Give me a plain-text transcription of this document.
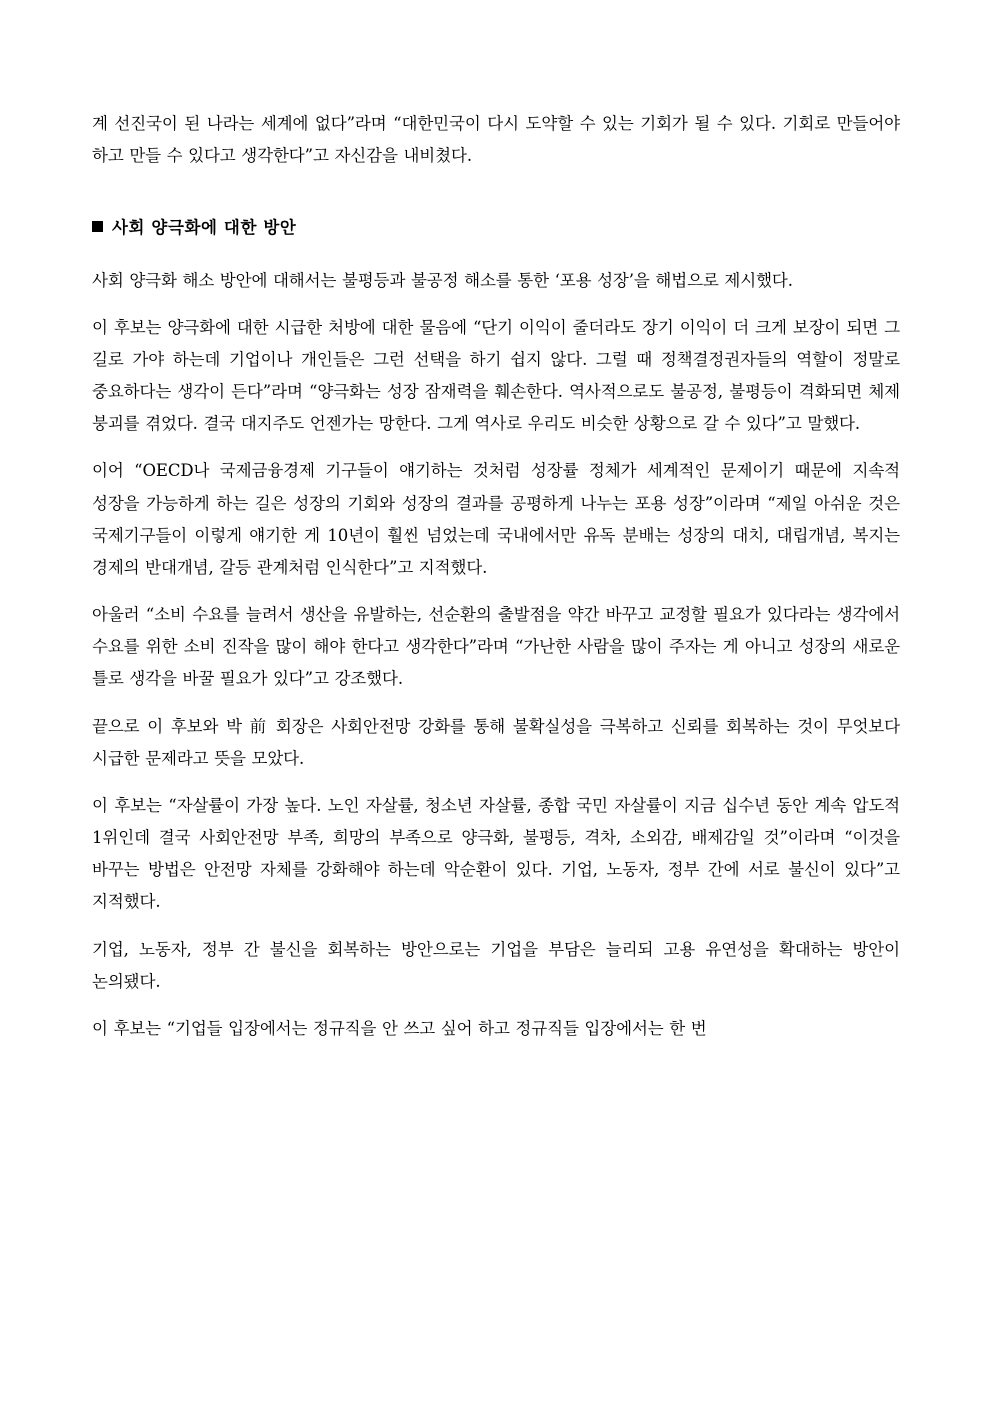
계 선진국이 된 나라는 세계에 없다”라며 “대한민국이 다시 도약할 수 있는 기회가 될 수 있다. 기회로 만들어야 하고 만들 수 있다고 생각한다”고 자신감을 내비쳤다.

사회 양극화에 대한 방안

사회 양극화 해소 방안에 대해서는 불평등과 불공정 해소를 통한 ‘포용 성장’을 해법으로 제시했다.

이 후보는 양극화에 대한 시급한 처방에 대한 물음에 “단기 이익이 줄더라도 장기 이익이 더 크게 보장이 되면 그 길로 가야 하는데 기업이나 개인들은 그런 선택을 하기 쉽지 않다. 그럴 때 정책결정권자들의 역할이 정말로 중요하다는 생각이 든다”라며 “양극화는 성장 잠재력을 훼손한다. 역사적으로도 불공정, 불평등이 격화되면 체제 붕괴를 겪었다. 결국 대지주도 언젠가는 망한다. 그게 역사로 우리도 비슷한 상황으로 갈 수 있다”고 말했다.

이어 “OECD나 국제금융경제 기구들이 얘기하는 것처럼 성장률 정체가 세계적인 문제이기 때문에 지속적 성장을 가능하게 하는 길은 성장의 기회와 성장의 결과를 공평하게 나누는 포용 성장”이라며 “제일 아쉬운 것은 국제기구들이 이렇게 얘기한 게 10년이 훨씬 넘었는데 국내에서만 유독 분배는 성장의 대치, 대립개념, 복지는 경제의 반대개념, 갈등 관계처럼 인식한다”고 지적했다.

아울러 “소비 수요를 늘려서 생산을 유발하는, 선순환의 출발점을 약간 바꾸고 교정할 필요가 있다라는 생각에서 수요를 위한 소비 진작을 많이 해야 한다고 생각한다”라며 “가난한 사람을 많이 주자는 게 아니고 성장의 새로운 틀로 생각을 바꿀 필요가 있다”고 강조했다.

끝으로 이 후보와 박 前 회장은 사회안전망 강화를 통해 불확실성을 극복하고 신뢰를 회복하는 것이 무엇보다 시급한 문제라고 뜻을 모았다.

이 후보는 “자살률이 가장 높다. 노인 자살률, 청소년 자살률, 종합 국민 자살률이 지금 십수년 동안 계속 압도적 1위인데 결국 사회안전망 부족, 희망의 부족으로 양극화, 불평등, 격차, 소외감, 배제감일 것”이라며 “이것을 바꾸는 방법은 안전망 자체를 강화해야 하는데 악순환이 있다. 기업, 노동자, 정부 간에 서로 불신이 있다”고 지적했다.

기업, 노동자, 정부 간 불신을 회복하는 방안으로는 기업을 부담은 늘리되 고용 유연성을 확대하는 방안이 논의됐다.

이 후보는 “기업들 입장에서는 정규직을 안 쓰고 싶어 하고 정규직들 입장에서는 한 번
